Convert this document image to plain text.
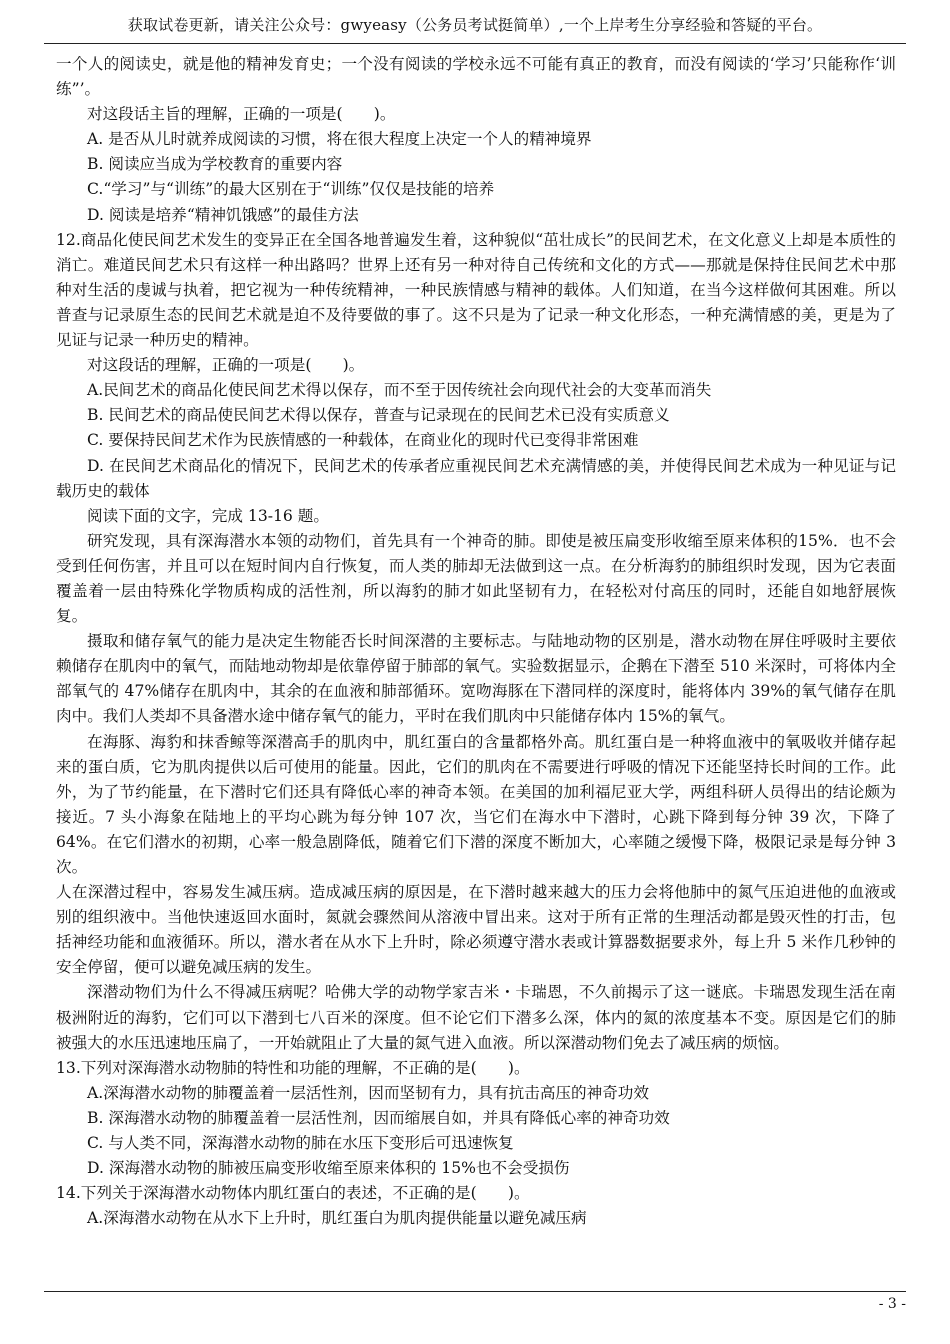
获取试卷更新，请关注公众号：gwyeasy（公务员考试挺简单）,一个上岸考生分享经验和答疑的平台。

一个人的阅读史，就是他的精神发育史；一个没有阅读的学校永远不可能有真正的教育，而没有阅读的‘学习’只能称作‘训练”’。

对这段话主旨的理解，正确的一项是(　　)。

A. 是否从儿时就养成阅读的习惯，将在很大程度上决定一个人的精神境界

B. 阅读应当成为学校教育的重要内容

C.“学习”与“训练”的最大区别在于“训练”仅仅是技能的培养

D. 阅读是培养“精神饥饿感”的最佳方法

12.商品化使民间艺术发生的变异正在全国各地普遍发生着，这种貌似“茁壮成长”的民间艺术，在文化意义上却是本质性的消亡。难道民间艺术只有这样一种出路吗？世界上还有另一种对待自己传统和文化的方式——那就是保持住民间艺术中那种对生活的虔诚与执着，把它视为一种传统精神，一种民族情感与精神的载体。人们知道，在当今这样做何其困难。所以普查与记录原生态的民间艺术就是迫不及待要做的事了。这不只是为了记录一种文化形态，一种充满情感的美，更是为了见证与记录一种历史的精神。

对这段话的理解，正确的一项是(　　)。

A.民间艺术的商品化使民间艺术得以保存，而不至于因传统社会向现代社会的大变革而消失

B. 民间艺术的商品使民间艺术得以保存，普查与记录现在的民间艺术已没有实质意义

C. 要保持民间艺术作为民族情感的一种载体，在商业化的现时代已变得非常困难

D. 在民间艺术商品化的情况下，民间艺术的传承者应重视民间艺术充满情感的美，并使得民间艺术成为一种见证与记载历史的载体

阅读下面的文字，完成 13-16 题。

研究发现，具有深海潜水本领的动物们，首先具有一个神奇的肺。即使是被压扁变形收缩至原来体积的15%．也不会受到任何伤害，并且可以在短时间内自行恢复，而人类的肺却无法做到这一点。在分析海豹的肺组织时发现，因为它表面覆盖着一层由特殊化学物质构成的活性剂，所以海豹的肺才如此坚韧有力，在轻松对付高压的同时，还能自如地舒展恢复。

摄取和储存氧气的能力是决定生物能否长时间深潜的主要标志。与陆地动物的区别是，潜水动物在屏住呼吸时主要依赖储存在肌肉中的氧气，而陆地动物却是依靠停留于肺部的氧气。实验数据显示，企鹅在下潜至 510 米深时，可将体内全部氧气的 47%储存在肌肉中，其余的在血液和肺部循环。宽吻海豚在下潜同样的深度时，能将体内 39%的氧气储存在肌肉中。我们人类却不具备潜水途中储存氧气的能力，平时在我们肌肉中只能储存体内 15%的氧气。

在海豚、海豹和抹香鲸等深潜高手的肌肉中，肌红蛋白的含量都格外高。肌红蛋白是一种将血液中的氧吸收并储存起来的蛋白质，它为肌肉提供以后可使用的能量。因此，它们的肌肉在不需要进行呼吸的情况下还能坚持长时间的工作。此外，为了节约能量，在下潜时它们还具有降低心率的神奇本领。在美国的加利福尼亚大学，两组科研人员得出的结论颇为接近。7 头小海象在陆地上的平均心跳为每分钟 107 次，当它们在海水中下潜时，心跳下降到每分钟 39 次，下降了 64%。在它们潜水的初期，心率一般急剧降低，随着它们下潜的深度不断加大，心率随之缓慢下降，极限记录是每分钟 3 次。

人在深潜过程中，容易发生减压病。造成减压病的原因是，在下潜时越来越大的压力会将他肺中的氮气压迫进他的血液或别的组织液中。当他快速返回水面时，氮就会骤然间从溶液中冒出来。这对于所有正常的生理活动都是毁灭性的打击，包括神经功能和血液循环。所以，潜水者在从水下上升时，除必须遵守潜水表或计算器数据要求外，每上升 5 米作几秒钟的安全停留，便可以避免减压病的发生。

深潜动物们为什么不得减压病呢？哈佛大学的动物学家吉米・卡瑞恩，不久前揭示了这一谜底。卡瑞恩发现生活在南极洲附近的海豹，它们可以下潜到七八百米的深度。但不论它们下潜多么深，体内的氮的浓度基本不变。原因是它们的肺被强大的水压迅速地压扁了，一开始就阻止了大量的氮气进入血液。所以深潜动物们免去了减压病的烦恼。

13.下列对深海潜水动物肺的特性和功能的理解，不正确的是(　　)。

A.深海潜水动物的肺覆盖着一层活性剂，因而坚韧有力，具有抗击高压的神奇功效

B. 深海潜水动物的肺覆盖着一层活性剂，因而缩展自如，并具有降低心率的神奇功效

C. 与人类不同，深海潜水动物的肺在水压下变形后可迅速恢复

D. 深海潜水动物的肺被压扁变形收缩至原来体积的 15%也不会受损伤

14.下列关于深海潜水动物体内肌红蛋白的表述，不正确的是(　　)。

A.深海潜水动物在从水下上升时，肌红蛋白为肌肉提供能量以避免减压病

- 3 -
